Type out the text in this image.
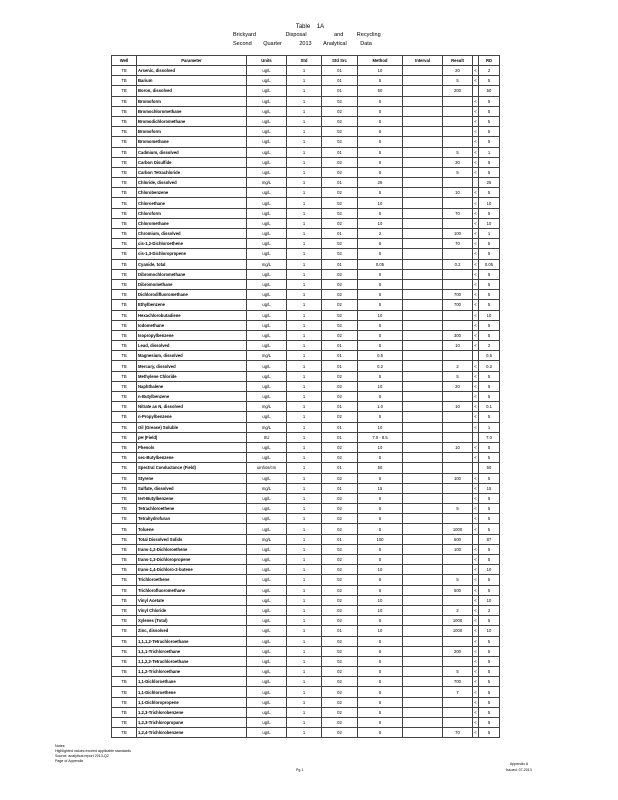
Table 1A
Brickyard	Disposal	and Recycling
Second Quarter	2013 Analytical Data
Well	Parameter	Units	Std	Std Src	Method	Interval	Result		RD
TB	Arsenic, dissolved	ug/L	1	01	10		20	<	2
TB	Barium	ug/L	1	01	5		5	<	5
TB	Boron, dissolved	ug/L	1	01	50		200		50
TB	Bromoform	ug/L	1	02	5			<	5
TB	Bromochloromethane	ug/L	1	02	5			<	5
TB	Bromodichloromethane	ug/L	1	02	5			<	5
TB	Bromoform	ug/L	1	02	5			<	5
TB	Bromomethane	ug/L	1	02	5			<	5
TB	Cadmium, dissolved	ug/L	1	01	5		5	<	1
TB	Carbon Disulfide	ug/L	1	02	5		30	<	5
TB	Carbon Tetrachloride	ug/L	1	02	5		5	<	5
TB	Chloride, dissolved	mg/L	1	01	25				25
TB	Chlorobenzene	ug/L	1	02	5		10	<	5
TB	Chloroethane	ug/L	1	02	10			<	10
TB	Chloroform	ug/L	1	02	5		70	<	5
TB	Chloromethane	ug/L	1	02	10			<	10
TB	Chromium, dissolved	ug/L	1	01	2		100	<	1
TB	cis-1,2-Dichloroethene	ug/L	1	02	5		70	<	5
TB	cis-1,3-Dichloropropene	ug/L	1	02	5			<	5
TB	Cyanide, total	mg/L	1	01	0.05		0.2	<	0.05
TB	Dibromochloromethane	ug/L	1	02	5			<	5
TB	Dibromomethane	ug/L	1	02	5			<	5
TB	Dichlorodifluoromethane	ug/L	1	02	5		700	<	5
TB	Ethylbenzene	ug/L	1	02	5		700	<	5
TB	Hexachlorobutadiene	ug/L	1	02	10			<	10
TB	Iodomethane	ug/L	1	02	5			<	5
TB	Isopropylbenzene	ug/L	1	02	5		300	<	5
TB	Lead, dissolved	ug/L	1	01	5		10	<	2
TB	Magnesium, dissolved	mg/L	1	01	0.5				0.5
TB	Mercury, dissolved	ug/L	1	01	0.2		2	<	0.2
TB	Methylene Chloride	ug/L	1	02	5		5	<	5
TB	Naphthalene	ug/L	1	02	10		20	<	5
TB	n-Butylbenzene	ug/L	1	02	5			<	5
TB	Nitrate as N, dissolved	mg/L	1	01	1.0		10	<	0.1
TB	n-Propylbenzene	ug/L	1	02	5			<	5
TB	Oil (Grease) Soluble	mg/L	1	01	10			<	1
TB	pH (Field)	SU	1	01	7.0 - 8.5				7.0
TB	Phenols	ug/L	1	02	10		10	<	5
TB	sec-Butylbenzene	ug/L	1	02	5			<	5
TB	Spectral Conductance (Field)	umhos/cm	1	01	50				50
TB	Styrene	ug/L	1	02	5		100	<	5
TB	Sulfate, dissolved	mg/L	1	01	15			<	15
TB	tert-Butylbenzene	ug/L	1	02	5			<	5
TB	Tetrachloroethene	ug/L	1	02	5		5	<	5
TB	Tetrahydrofuran	ug/L	1	02	5			<	5
TB	Toluene	ug/L	1	02	5		1000	<	5
TB	Total Dissolved Solids	mg/L	1	01	100		500		87
TB	trans-1,2-Dichloroethene	ug/L	1	02	5		100	<	5
TB	trans-1,3-Dichloropropene	ug/L	1	02	5			<	5
TB	trans-1,4-Dichloro-2-butene	ug/L	1	02	10			<	10
TB	Trichloroethene	ug/L	1	02	5		5	<	5
TB	Trichlorofluoromethane	ug/L	1	02	5		500	<	5
TB	Vinyl Acetate	ug/L	1	02	10			<	10
TB	Vinyl Chloride	ug/L	1	02	10		2	<	2
TB	Xylenes (Total)	ug/L	1	02	5		1000	<	5
TB	Zinc, dissolved	ug/L	1	01	10		1000	<	10
TB	1,1,1,2-Tetrachloroethane	ug/L	1	02	5			<	5
TB	1,1,1-Trichloroethane	ug/L	1	02	5		200	<	5
TB	1,1,2,2-Tetrachloroethane	ug/L	1	02	5			<	5
TB	1,1,2-Trichloroethane	ug/L	1	02	5		5	<	5
TB	1,1-Dichloroethane	ug/L	1	02	5		700	<	5
TB	1,1-Dichloroethene	ug/L	1	02	5		7	<	5
TB	1,1-Dichloropropene	ug/L	1	02	5			<	5
TB	1,2,3-Trichlorobenzene	ug/L	1	02	5			<	5
TB	1,2,3-Trichloropropane	ug/L	1	02	5			<	5
TB	1,2,4-Trichlorobenzene	ug/L	1	02	5		70	<	5
Notes:
Highlighted values exceed applicable standards
Source: analytical report 2013-Q2
Page of Appendix
Pg 1
Appendix A
Issued: 07-2013
